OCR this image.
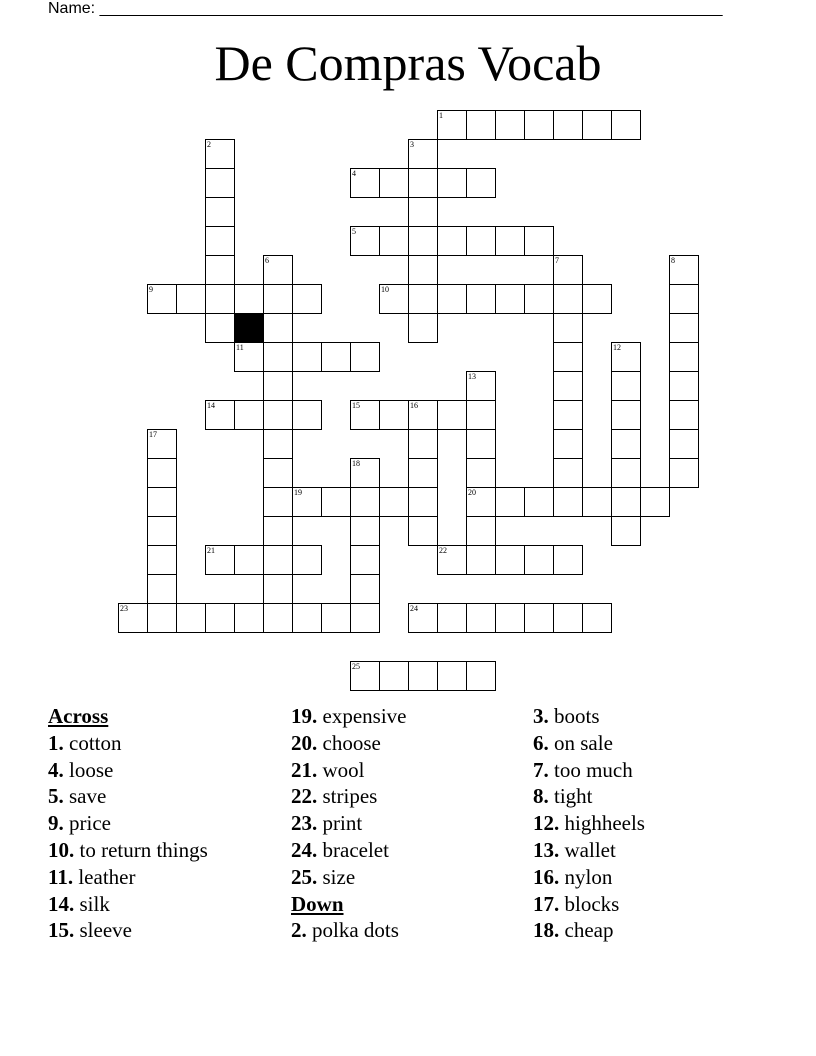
Name: ______________________________________________________________________
De Compras Vocab
1
4
5
9	10
11
14	15	16
19	20
21	22
23	24
25
2	3
6	7	8
12
13
17
18
Across
1. cotton
4. loose
5. save
9. price
10. to return things
11. leather
14. silk
15. sleeve
19. expensive
20. choose
21. wool
22. stripes
23. print
24. bracelet
25. size
Down
2. polka dots
3. boots
6. on sale
7. too much
8. tight
12. highheels
13. wallet
16. nylon
17. blocks
18. cheap
